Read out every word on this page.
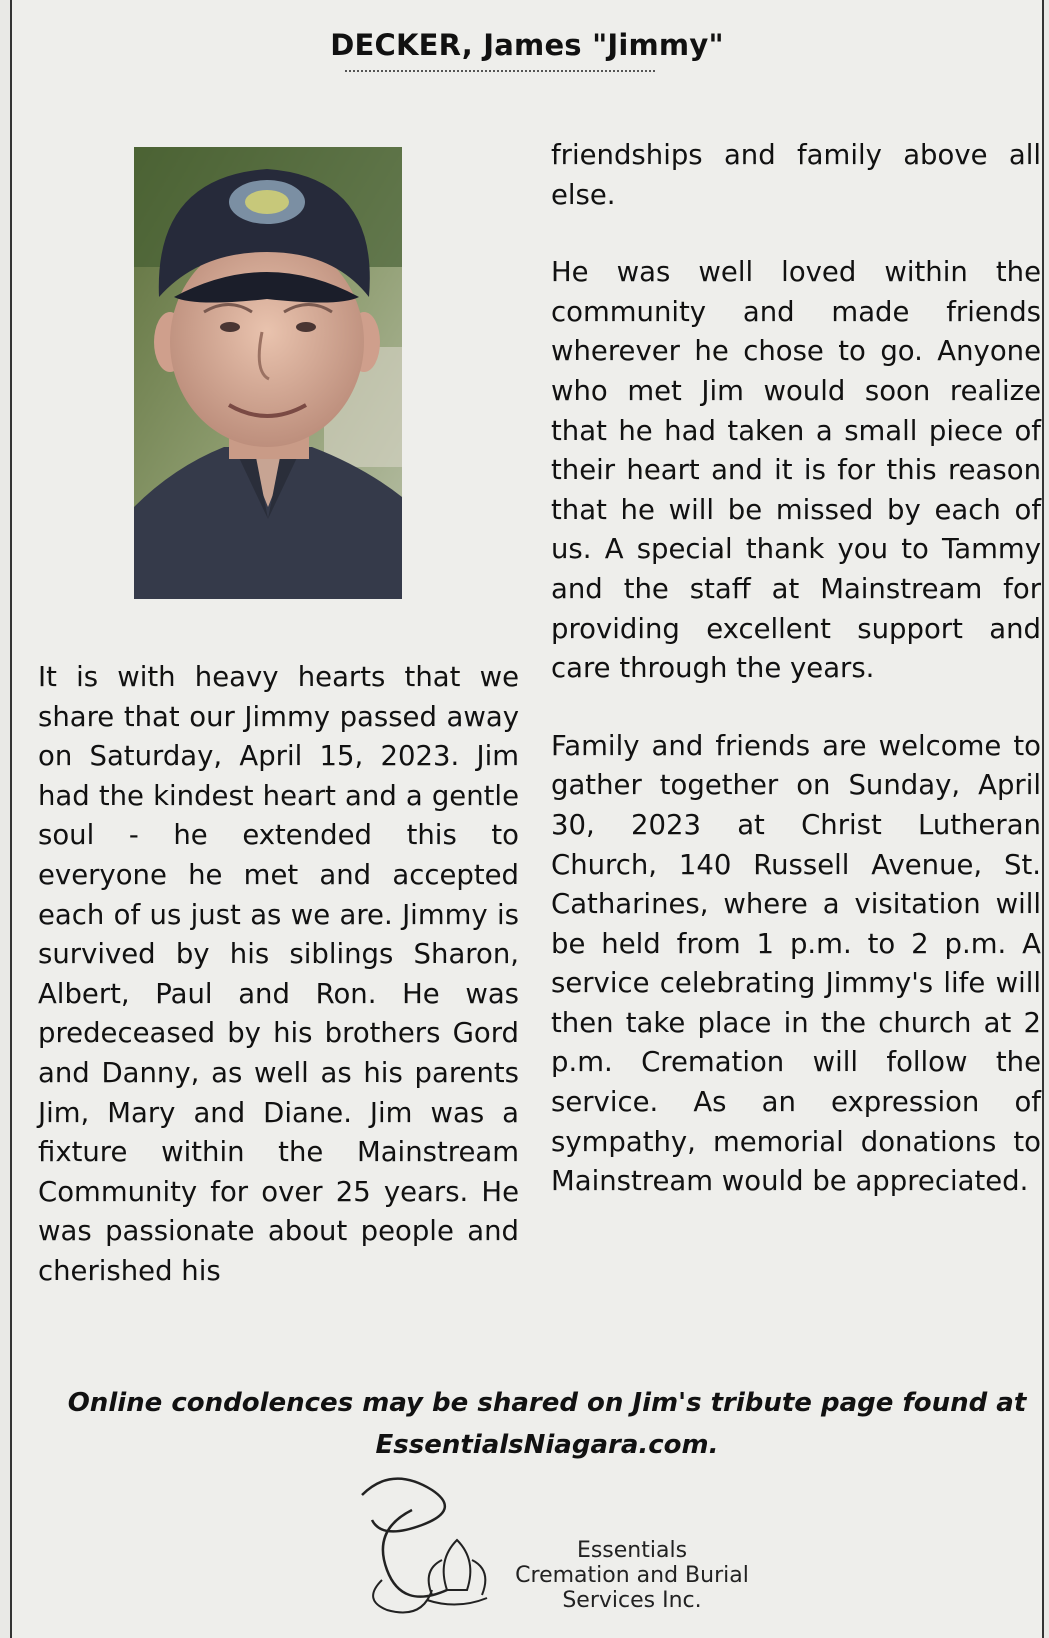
DECKER, James "Jimmy"

It is with heavy hearts that we share that our Jimmy passed away on Saturday, April 15, 2023. Jim had the kindest heart and a gentle soul - he extended this to everyone he met and accepted each of us just as we are. Jimmy is survived by his siblings Sharon, Albert, Paul and Ron. He was predeceased by his brothers Gord and Danny, as well as his parents Jim, Mary and Diane. Jim was a fixture within the Mainstream Community for over 25 years. He was passionate about people and cherished his

friendships and family above all else.

He was well loved within the community and made friends wherever he chose to go. Anyone who met Jim would soon realize that he had taken a small piece of their heart and it is for this reason that he will be missed by each of us. A special thank you to Tammy and the staff at Mainstream for providing excellent support and care through the years.

Family and friends are welcome to gather together on Sunday, April 30, 2023 at Christ Lutheran Church, 140 Russell Avenue, St. Catharines, where a visitation will be held from 1 p.m. to 2 p.m. A service celebrating Jimmy's life will then take place in the church at 2 p.m. Cremation will follow the service. As an expression of sympathy, memorial donations to Mainstream would be appreciated.

Online condolences may be shared on Jim's tribute page found at
EssentialsNiagara.com.
Essentials
Cremation and Burial
Services Inc.
